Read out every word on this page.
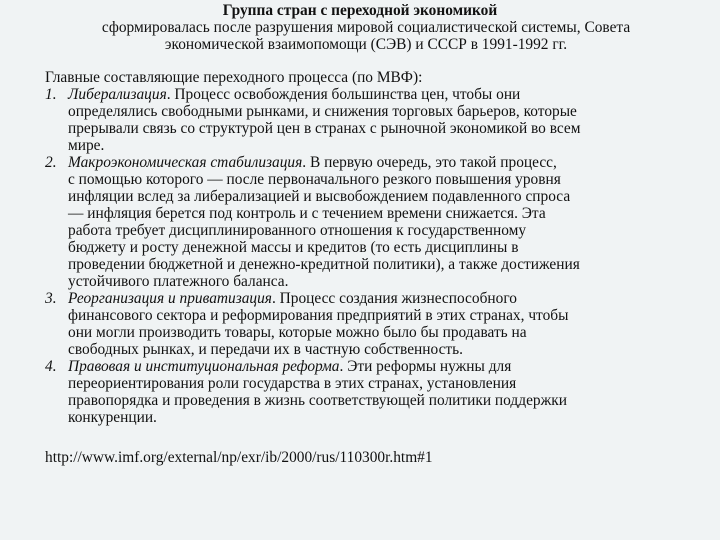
Группа стран с переходной экономикой
сформировалась после разрушения мировой социалистической системы, Совета
экономической взаимопомощи (СЭВ) и СССР в 1991-1992 гг.
Главные составляющие переходного процесса (по МВФ):
1. Либерализация. Процесс освобождения большинства цен, чтобы они
определялись свободными рынками, и снижения торговых барьеров, которые
прерывали связь со структурой цен в странах с рыночной экономикой во всем
мире.
2. Макроэкономическая стабилизация. В первую очередь, это такой процесс,
с помощью которого — после первоначального резкого повышения уровня
инфляции вслед за либерализацией и высвобождением подавленного спроса
— инфляция берется под контроль и с течением времени снижается. Эта
работа требует дисциплинированного отношения к государственному
бюджету и росту денежной массы и кредитов (то есть дисциплины в
проведении бюджетной и денежно-кредитной политики), а также достижения
устойчивого платежного баланса.
3. Реорганизация и приватизация. Процесс создания жизнеспособного
финансового сектора и реформирования предприятий в этих странах, чтобы
они могли производить товары, которые можно было бы продавать на
свободных рынках, и передачи их в частную собственность.
4. Правовая и институциональная реформа. Эти реформы нужны для
переориентирования роли государства в этих странах, установления
правопорядка и проведения в жизнь соответствующей политики поддержки
конкуренции.
http://www.imf.org/external/np/exr/ib/2000/rus/110300r.htm#1
